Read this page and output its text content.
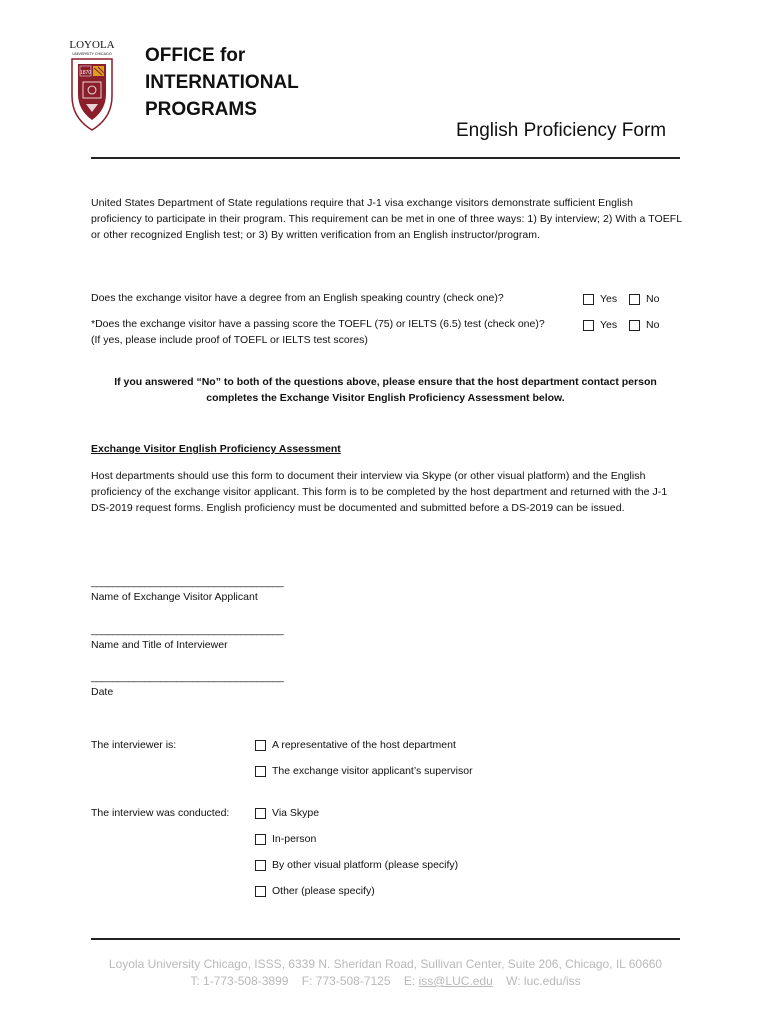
LOYOLA
UNIVERSITY CHICAGO
1870
OFFICE for
INTERNATIONAL
PROGRAMS
English Proficiency Form
United States Department of State regulations require that J-1 visa exchange visitors demonstrate sufficient English proficiency to participate in their program. This requirement can be met in one of three ways: 1) By interview; 2) With a TOEFL or other recognized English test; or 3) By written verification from an English instructor/program.
Does the exchange visitor have a degree from an English speaking country (check one)?	Yes	No
*Does the exchange visitor have a passing score the TOEFL (75) or IELTS (6.5) test (check one)?
(If yes, please include proof of TOEFL or IELTS test scores)
Yes	No
If you answered “No” to both of the questions above, please ensure that the host department contact person
completes the Exchange Visitor English Proficiency Assessment below.
Exchange Visitor English Proficiency Assessment
Host departments should use this form to document their interview via Skype (or other visual platform) and the English proficiency of the exchange visitor applicant. This form is to be completed by the host department and returned with the J-1 DS-2019 request forms. English proficiency must be documented and submitted before a DS-2019 can be issued.
____________________________________
Name of Exchange Visitor Applicant
____________________________________
Name and Title of Interviewer
____________________________________
Date
The interviewer is:	A representative of the host department
The exchange visitor applicant’s supervisor
The interview was conducted:	Via Skype
In-person
By other visual platform (please specify)
Other (please specify)
Loyola University Chicago, ISSS, 6339 N. Sheridan Road, Sullivan Center, Suite 206, Chicago, IL 60660
T: 1-773-508-3899 F: 773-508-7125 E: iss@LUC.edu W: luc.edu/iss
